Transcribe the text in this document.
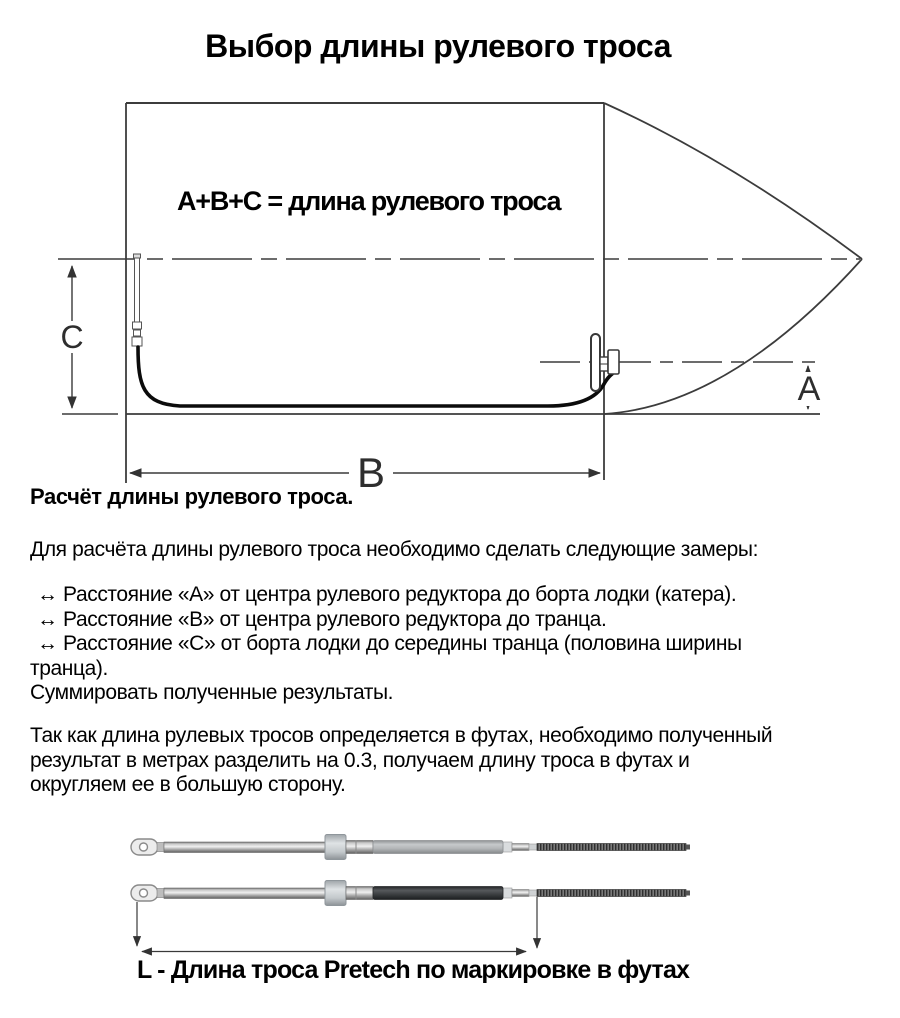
Выбор длины рулевого троса
А+В+С = длина рулевого троса
C
B
A
Расчёт длины рулевого троса.
Для расчёта длины рулевого троса необходимо сделать следующие замеры:
↔ Расстояние «А» от центра рулевого редуктора до борта лодки (катера).
↔ Расстояние «В» от центра рулевого редуктора до транца.
↔ Расстояние «С» от борта лодки до середины транца (половина ширины
транца).
Суммировать полученные результаты.
Так как длина рулевых тросов определяется в футах, необходимо полученный
результат в метрах разделить на 0.3, получаем длину троса в футах и
округляем ее в большую сторону.
L - Длина троса Pretech по маркировке в футах
